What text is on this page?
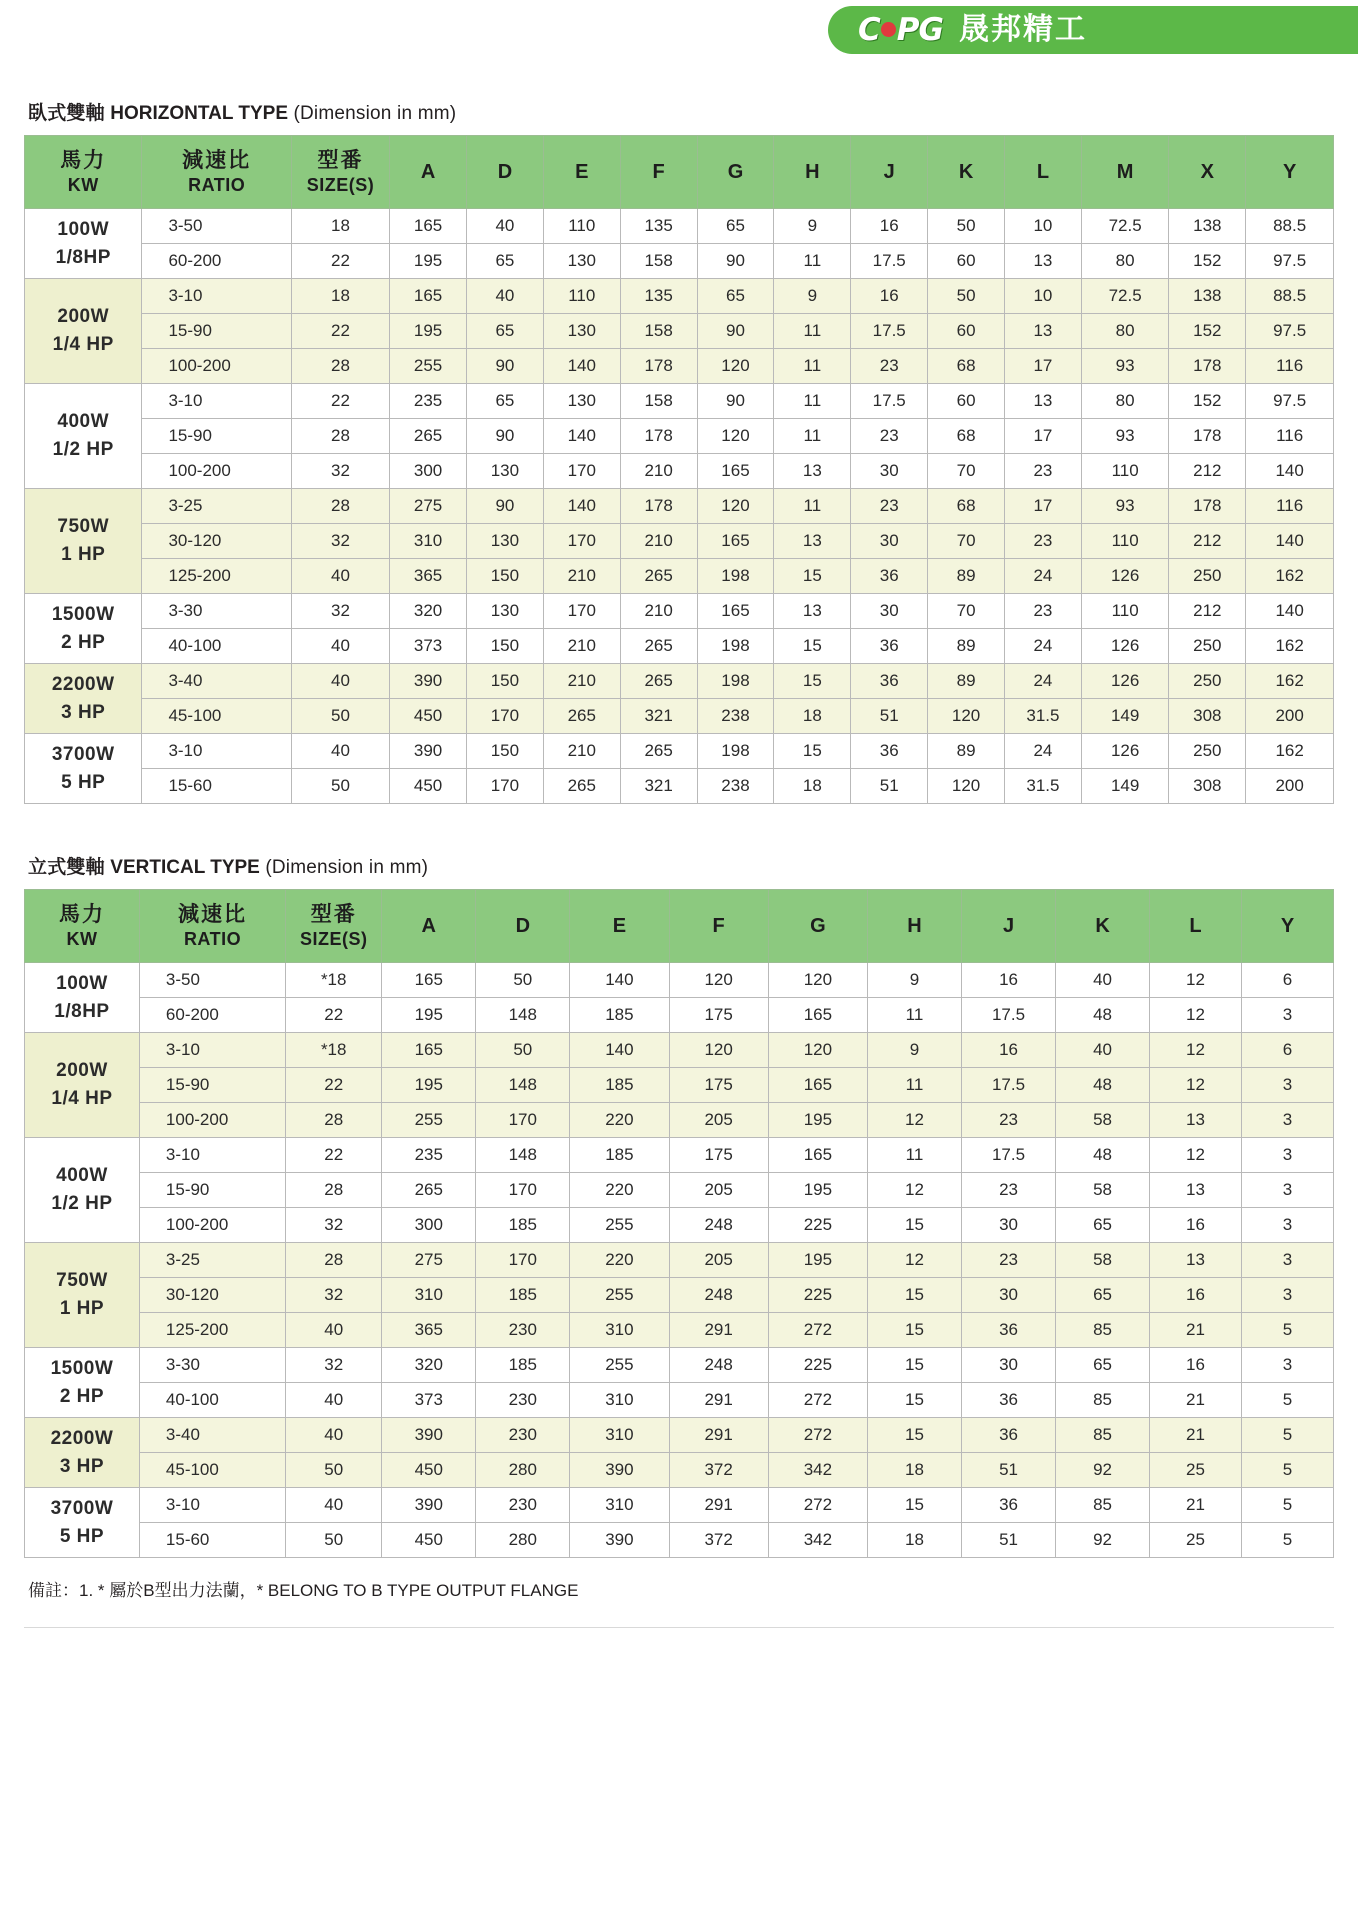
C PG 晟邦精工
臥式雙軸 HORIZONTAL TYPE (Dimension in mm)
馬力
KW	減速比
RATIO	型番
SIZE(S)	A	D	E	F	G	H	J	K	L	M	X	Y
100W
1/8HP	3-50	18	165	40	110	135	65	9	16	50	10	72.5	138	88.5
	60-200	22	195	65	130	158	90	11	17.5	60	13	80	152	97.5
200W
1/4 HP	3-10	18	165	40	110	135	65	9	16	50	10	72.5	138	88.5
	15-90	22	195	65	130	158	90	11	17.5	60	13	80	152	97.5
	100-200	28	255	90	140	178	120	11	23	68	17	93	178	116
400W
1/2 HP	3-10	22	235	65	130	158	90	11	17.5	60	13	80	152	97.5
	15-90	28	265	90	140	178	120	11	23	68	17	93	178	116
	100-200	32	300	130	170	210	165	13	30	70	23	110	212	140
750W
1 HP	3-25	28	275	90	140	178	120	11	23	68	17	93	178	116
	30-120	32	310	130	170	210	165	13	30	70	23	110	212	140
	125-200	40	365	150	210	265	198	15	36	89	24	126	250	162
1500W
2 HP	3-30	32	320	130	170	210	165	13	30	70	23	110	212	140
	40-100	40	373	150	210	265	198	15	36	89	24	126	250	162
2200W
3 HP	3-40	40	390	150	210	265	198	15	36	89	24	126	250	162
	45-100	50	450	170	265	321	238	18	51	120	31.5	149	308	200
3700W
5 HP	3-10	40	390	150	210	265	198	15	36	89	24	126	250	162
	15-60	50	450	170	265	321	238	18	51	120	31.5	149	308	200
立式雙軸 VERTICAL TYPE (Dimension in mm)
馬力
KW	減速比
RATIO	型番
SIZE(S)	A	D	E	F	G	H	J	K	L	Y
100W
1/8HP	3-50	*18	165	50	140	120	120	9	16	40	12	6
	60-200	22	195	148	185	175	165	11	17.5	48	12	3
200W
1/4 HP	3-10	*18	165	50	140	120	120	9	16	40	12	6
	15-90	22	195	148	185	175	165	11	17.5	48	12	3
	100-200	28	255	170	220	205	195	12	23	58	13	3
400W
1/2 HP	3-10	22	235	148	185	175	165	11	17.5	48	12	3
	15-90	28	265	170	220	205	195	12	23	58	13	3
	100-200	32	300	185	255	248	225	15	30	65	16	3
750W
1 HP	3-25	28	275	170	220	205	195	12	23	58	13	3
	30-120	32	310	185	255	248	225	15	30	65	16	3
	125-200	40	365	230	310	291	272	15	36	85	21	5
1500W
2 HP	3-30	32	320	185	255	248	225	15	30	65	16	3
	40-100	40	373	230	310	291	272	15	36	85	21	5
2200W
3 HP	3-40	40	390	230	310	291	272	15	36	85	21	5
	45-100	50	450	280	390	372	342	18	51	92	25	5
3700W
5 HP	3-10	40	390	230	310	291	272	15	36	85	21	5
	15-60	50	450	280	390	372	342	18	51	92	25	5
備註：1. * 屬於B型出力法蘭，* BELONG TO B TYPE OUTPUT FLANGE
